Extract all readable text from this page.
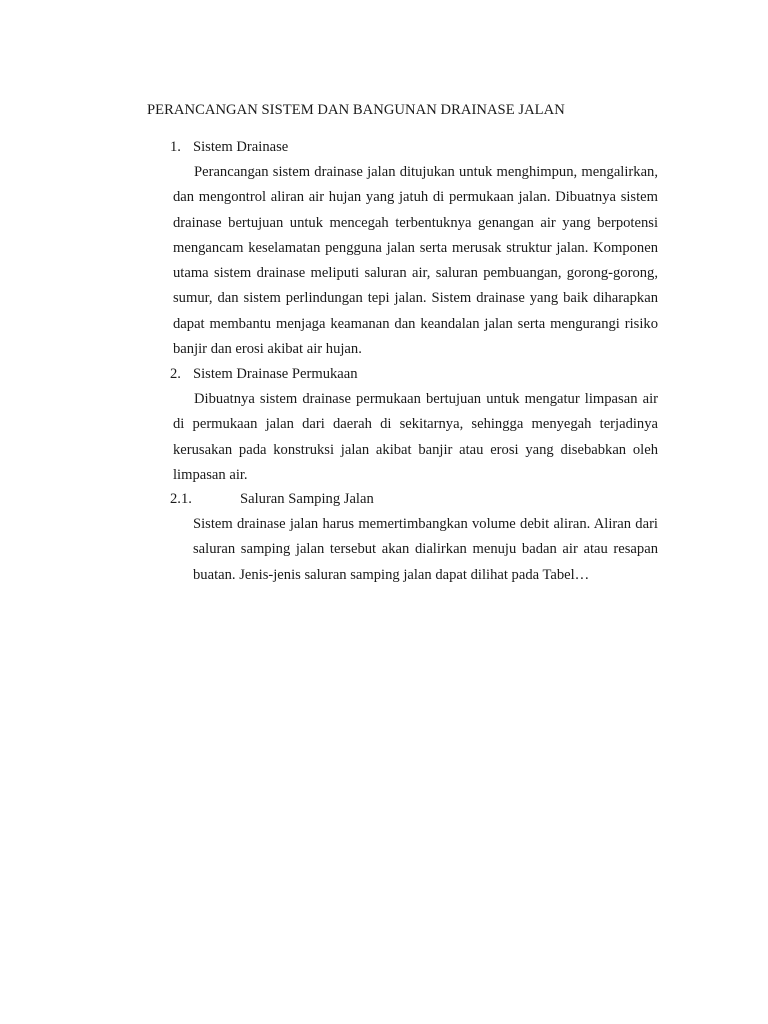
PERANCANGAN SISTEM DAN BANGUNAN DRAINASE JALAN
1. Sistem Drainase

Perancangan sistem drainase jalan ditujukan untuk menghimpun, mengalirkan, dan mengontrol aliran air hujan yang jatuh di permukaan jalan. Dibuatnya sistem drainase bertujuan untuk mencegah terbentuknya genangan air yang berpotensi mengancam keselamatan pengguna jalan serta merusak struktur jalan. Komponen utama sistem drainase meliputi saluran air, saluran pembuangan, gorong-gorong, sumur, dan sistem perlindungan tepi jalan. Sistem drainase yang baik diharapkan dapat membantu menjaga keamanan dan keandalan jalan serta mengurangi risiko banjir dan erosi akibat air hujan.

2. Sistem Drainase Permukaan

Dibuatnya sistem drainase permukaan bertujuan untuk mengatur limpasan air di permukaan jalan dari daerah di sekitarnya, sehingga menyegah terjadinya kerusakan pada konstruksi jalan akibat banjir atau erosi yang disebabkan oleh limpasan air.

2.1.	Saluran Samping Jalan

Sistem drainase jalan harus memertimbangkan volume debit aliran. Aliran dari saluran samping jalan tersebut akan dialirkan menuju badan air atau resapan buatan. Jenis-jenis saluran samping jalan dapat dilihat pada Tabel…
